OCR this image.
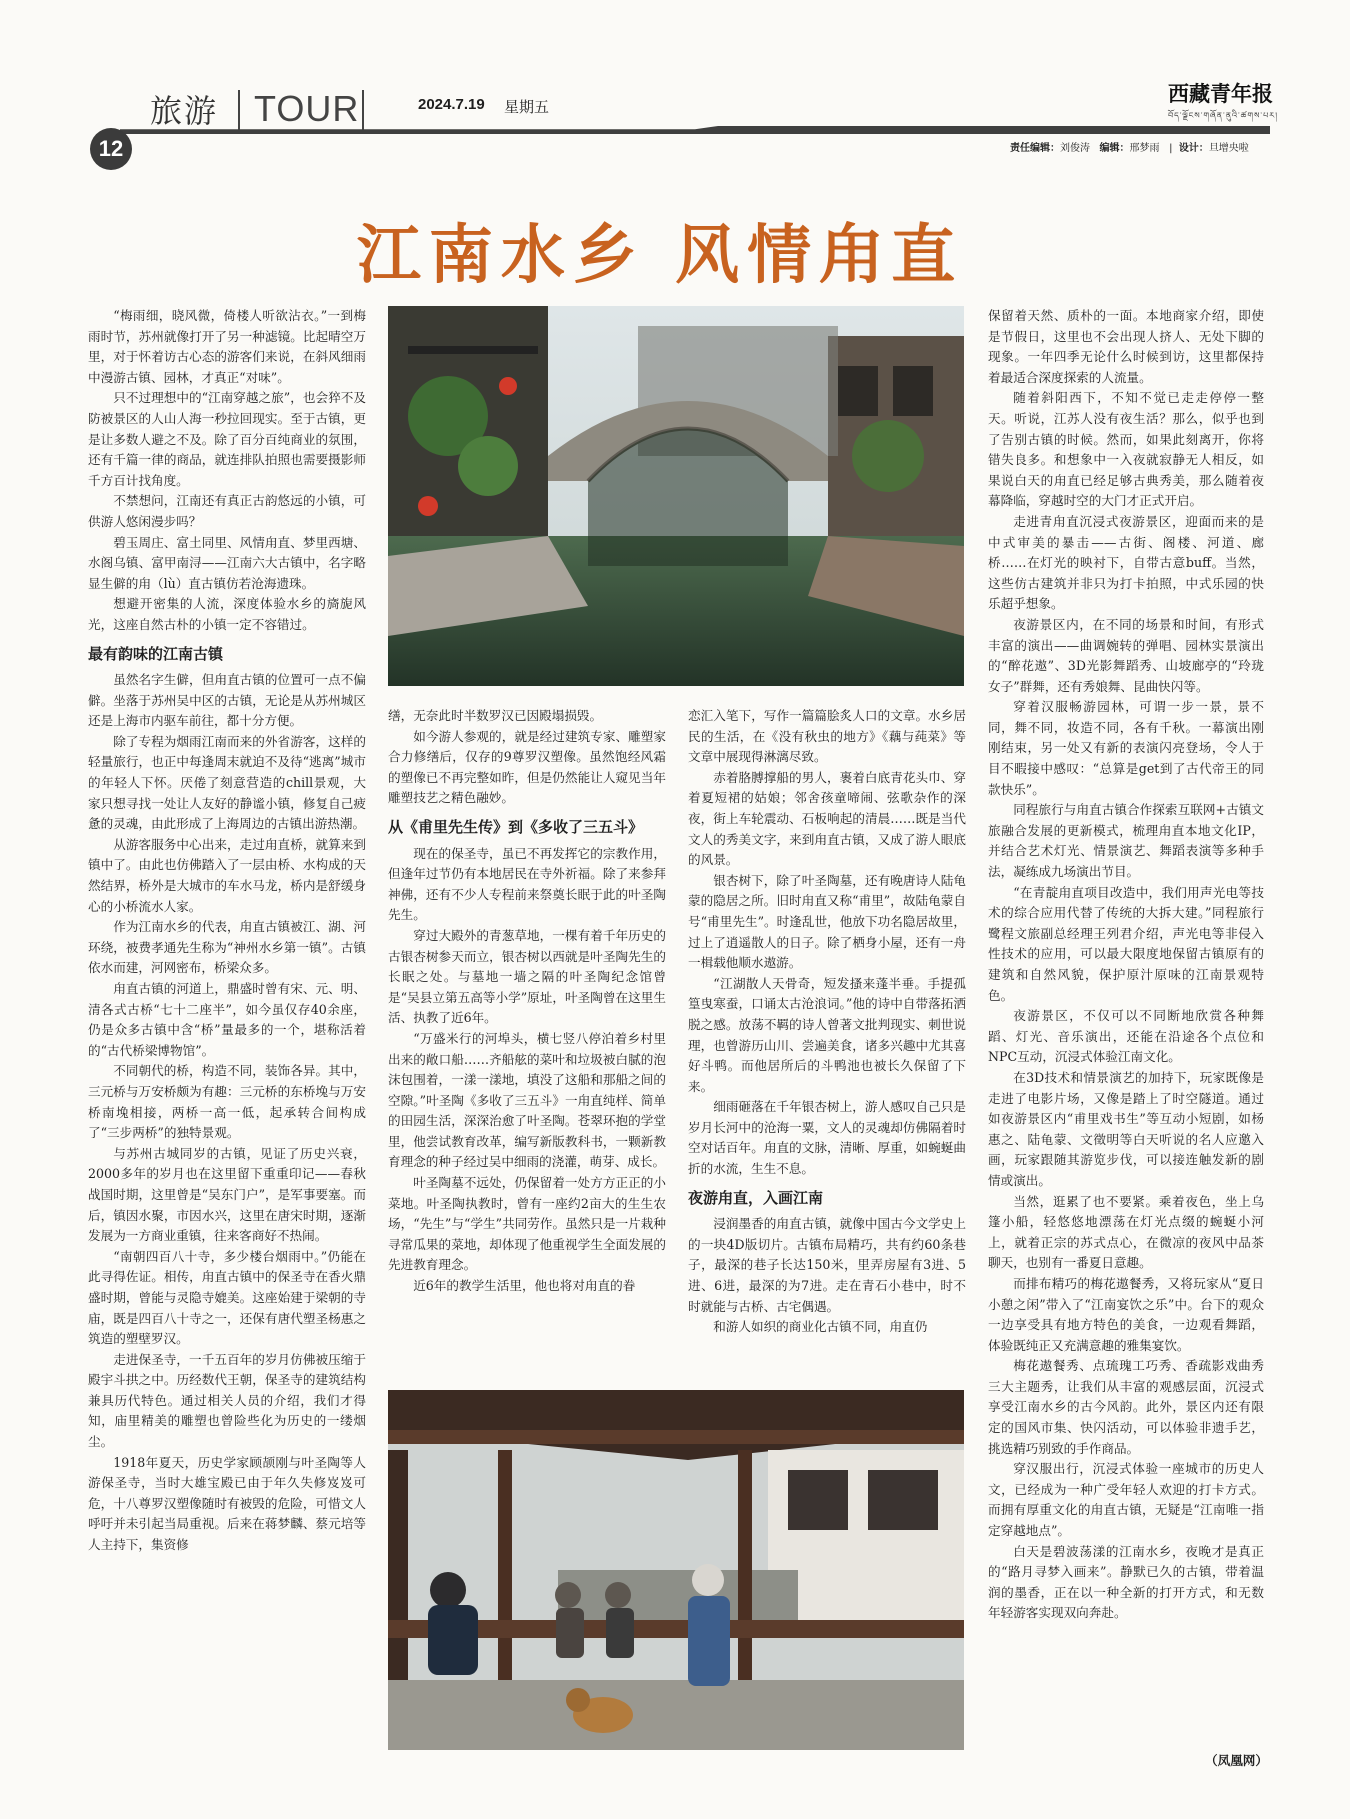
旅游 TOUR	2024.7.19 星期五
西藏青年报
བོད་ལྗོངས་གཞོན་ནུའི་ཚགས་པར།
12	责任编辑：刘俊涛 编辑：邢梦雨   |  设计：旦增央啦
江南水乡 风情甪直

“梅雨细，晓风微，倚楼人听欲沾衣。”一到梅雨时节，苏州就像打开了另一种滤镜。比起晴空万里，对于怀着访古心态的游客们来说，在斜风细雨中漫游古镇、园林，才真正“对味”。

只不过理想中的“江南穿越之旅”，也会猝不及防被景区的人山人海一秒拉回现实。至于古镇，更是让多数人避之不及。除了百分百纯商业的氛围，还有千篇一律的商品，就连排队拍照也需要摄影师千方百计找角度。

不禁想问，江南还有真正古韵悠远的小镇，可供游人悠闲漫步吗？

碧玉周庄、富土同里、风情甪直、梦里西塘、水阁乌镇、富甲南浔——江南六大古镇中，名字略显生僻的甪（lù）直古镇仿若沧海遗珠。

想避开密集的人流，深度体验水乡的旖旎风光，这座自然古朴的小镇一定不容错过。

最有韵味的江南古镇

虽然名字生僻，但甪直古镇的位置可一点不偏僻。坐落于苏州吴中区的古镇，无论是从苏州城区还是上海市内驱车前往，都十分方便。

除了专程为烟雨江南而来的外省游客，这样的轻量旅行，也正中每逢周末就迫不及待“逃离”城市的年轻人下怀。厌倦了刻意营造的chill景观，大家只想寻找一处让人友好的静谧小镇，修复自己疲惫的灵魂，由此形成了上海周边的古镇出游热潮。

从游客服务中心出来，走过甪直桥，就算来到镇中了。由此也仿佛踏入了一层由桥、水构成的天然结界，桥外是大城市的车水马龙，桥内是舒缓身心的小桥流水人家。

作为江南水乡的代表，甪直古镇被江、湖、河环绕，被费孝通先生称为“神州水乡第一镇”。古镇依水而建，河网密布，桥梁众多。

甪直古镇的河道上，鼎盛时曾有宋、元、明、清各式古桥“七十二座半”，如今虽仅存40余座，仍是众多古镇中含“桥”量最多的一个，堪称活着的“古代桥梁博物馆”。

不同朝代的桥，构造不同，装饰各异。其中，三元桥与万安桥颇为有趣：三元桥的东桥堍与万安桥南堍相接，两桥一高一低，起承转合间构成了“三步两桥”的独特景观。

与苏州古城同岁的古镇，见证了历史兴衰，2000多年的岁月也在这里留下重重印记——春秋战国时期，这里曾是“吴东门户”，是军事要塞。而后，镇因水聚，市因水兴，这里在唐宋时期，逐渐发展为一方商业重镇，往来客商好不热闹。

“南朝四百八十寺，多少楼台烟雨中。”仍能在此寻得佐证。相传，甪直古镇中的保圣寺在香火鼎盛时期，曾能与灵隐寺媲美。这座始建于梁朝的寺庙，既是四百八十寺之一，还保有唐代塑圣杨惠之筑造的塑壁罗汉。

走进保圣寺，一千五百年的岁月仿佛被压缩于殿宇斗拱之中。历经数代王朝，保圣寺的建筑结构兼具历代特色。通过相关人员的介绍，我们才得知，庙里精美的雕塑也曾险些化为历史的一缕烟尘。

1918年夏天，历史学家顾颉刚与叶圣陶等人游保圣寺，当时大雄宝殿已由于年久失修岌岌可危，十八尊罗汉塑像随时有被毁的危险，可惜文人呼吁并未引起当局重视。后来在蒋梦麟、蔡元培等人主持下，集资修

缮，无奈此时半数罗汉已因殿塌损毁。

如今游人参观的，就是经过建筑专家、雕塑家合力修缮后，仅存的9尊罗汉塑像。虽然饱经风霜的塑像已不再完整如昨，但是仍然能让人窥见当年雕塑技艺之精色融妙。

从《甫里先生传》到《多收了三五斗》

现在的保圣寺，虽已不再发挥它的宗教作用，但逢年过节仍有本地居民在寺外祈福。除了来参拜神佛，还有不少人专程前来祭奠长眠于此的叶圣陶先生。

穿过大殿外的青葱草地，一棵有着千年历史的古银杏树参天而立，银杏树以西就是叶圣陶先生的长眠之处。与墓地一墙之隔的叶圣陶纪念馆曾是“吴县立第五高等小学”原址，叶圣陶曾在这里生活、执教了近6年。

“万盛米行的河埠头，横七竖八停泊着乡村里出来的敞口船……齐船舷的菜叶和垃圾被白腻的泡沫包围着，一漾一漾地，填没了这船和那船之间的空隙。”叶圣陶《多收了三五斗》一甪直纯样、简单的田园生活，深深治愈了叶圣陶。苍翠环抱的学堂里，他尝试教育改革，编写新版教科书，一颗新教育理念的种子经过吴中细雨的浇灌，萌芽、成长。

叶圣陶墓不远处，仍保留着一处方方正正的小菜地。叶圣陶执教时，曾有一座约2亩大的生生农场，“先生”与“学生”共同劳作。虽然只是一片栽种寻常瓜果的菜地，却体现了他重视学生全面发展的先进教育理念。

近6年的教学生活里，他也将对甪直的眷

恋汇入笔下，写作一篇篇脍炙人口的文章。水乡居民的生活，在《没有秋虫的地方》《藕与莼菜》等文章中展现得淋漓尽致。

赤着胳膊撑船的男人，裹着白底青花头巾、穿着夏短裙的姑娘；邻舍孩童啼闹、弦歌杂作的深夜，街上车轮震动、石板响起的清晨……既是当代文人的秀美文字，来到甪直古镇，又成了游人眼底的风景。

银杏树下，除了叶圣陶墓，还有晚唐诗人陆龟蒙的隐居之所。旧时甪直又称“甫里”，故陆龟蒙自号“甫里先生”。时逢乱世，他放下功名隐居故里，过上了逍遥散人的日子。除了栖身小屋，还有一舟一楫载他顺水遨游。

“江湖散人天骨奇，短发搔来蓬半垂。手提孤篁曳寒蚕，口诵太古沧浪词。”他的诗中自带落拓洒脱之感。放荡不羁的诗人曾著文批判现实、刺世说理，也曾游历山川、尝遍美食，诸多兴趣中尤其喜好斗鸭。而他居所后的斗鸭池也被长久保留了下来。

细雨砸落在千年银杏树上，游人感叹自己只是岁月长河中的沧海一粟，文人的灵魂却仿佛隔着时空对话百年。甪直的文脉，清晰、厚重，如蜿蜒曲折的水流，生生不息。

夜游甪直，入画江南

浸润墨香的甪直古镇，就像中国古今文学史上的一块4D版切片。古镇布局精巧，共有约60条巷子，最深的巷子长达150米，里弄房屋有3进、5进、6进，最深的为7进。走在青石小巷中，时不时就能与古桥、古宅偶遇。

和游人如织的商业化古镇不同，甪直仍

保留着天然、质朴的一面。本地商家介绍，即使是节假日，这里也不会出现人挤人、无处下脚的现象。一年四季无论什么时候到访，这里都保持着最适合深度探索的人流量。

随着斜阳西下，不知不觉已走走停停一整天。听说，江苏人没有夜生活？那么，似乎也到了告别古镇的时候。然而，如果此刻离开，你将错失良多。和想象中一入夜就寂静无人相反，如果说白天的甪直已经足够古典秀美，那么随着夜幕降临，穿越时空的大门才正式开启。

走进青甪直沉浸式夜游景区，迎面而来的是中式审美的暴击——古街、阁楼、河道、廊桥……在灯光的映衬下，自带古意buff。当然，这些仿古建筑并非只为打卡拍照，中式乐园的快乐超乎想象。

夜游景区内，在不同的场景和时间，有形式丰富的演出——曲调婉转的弹唱、园林实景演出的“醉花遨”、3D光影舞蹈秀、山坡廊亭的“玲珑女子”群舞，还有秀娘舞、昆曲快闪等。

穿着汉服畅游园林，可谓一步一景，景不同，舞不同，妆造不同，各有千秋。一幕演出刚刚结束，另一处又有新的表演闪亮登场，令人于目不暇接中感叹：“总算是get到了古代帝王的同款快乐”。

同程旅行与甪直古镇合作探索互联网+古镇文旅融合发展的更新模式，梳理甪直本地文化IP，并结合艺术灯光、情景演艺、舞蹈表演等多种手法，凝练成九场演出节目。

“在青靛甪直项目改造中，我们用声光电等技术的综合应用代替了传统的大拆大建。”同程旅行鹭程文旅副总经理王列君介绍，声光电等非侵入性技术的应用，可以最大限度地保留古镇原有的建筑和自然风貌，保护原汁原味的江南景观特色。

夜游景区，不仅可以不同断地欣赏各种舞蹈、灯光、音乐演出，还能在沿途各个点位和NPC互动，沉浸式体验江南文化。

在3D技术和情景演艺的加持下，玩家既像是走进了电影片场，又像是踏上了时空隧道。通过如夜游景区内“甫里戏书生”等互动小短剧，如杨惠之、陆龟蒙、文徵明等白天听说的名人应邀入画，玩家跟随其游览步伐，可以接连触发新的剧情或演出。

当然，逛累了也不要紧。乘着夜色，坐上乌篷小船，轻悠悠地漂荡在灯光点缀的蜿蜒小河上，就着正宗的苏式点心，在微凉的夜风中品茶聊天，也别有一番夏日意趣。

而排布精巧的梅花遨餐秀，又将玩家从“夏日小憩之闲”带入了“江南宴饮之乐”中。台下的观众一边享受具有地方特色的美食，一边观看舞蹈，体验既纯正又充满意趣的雅集宴饮。

梅花遨餐秀、点琉瑰工巧秀、香疏影戏曲秀三大主题秀，让我们从丰富的观感层面，沉浸式享受江南水乡的古今风韵。此外，景区内还有限定的国风市集、快闪活动，可以体验非遗手艺，挑选精巧别致的手作商品。

穿汉服出行，沉浸式体验一座城市的历史人文，已经成为一种广受年轻人欢迎的打卡方式。而拥有厚重文化的甪直古镇，无疑是“江南唯一指定穿越地点”。

白天是碧波荡漾的江南水乡，夜晚才是真正的“路月寻梦入画来”。静默已久的古镇，带着温润的墨香，正在以一种全新的打开方式，和无数年轻游客实现双向奔赴。

（凤凰网）
